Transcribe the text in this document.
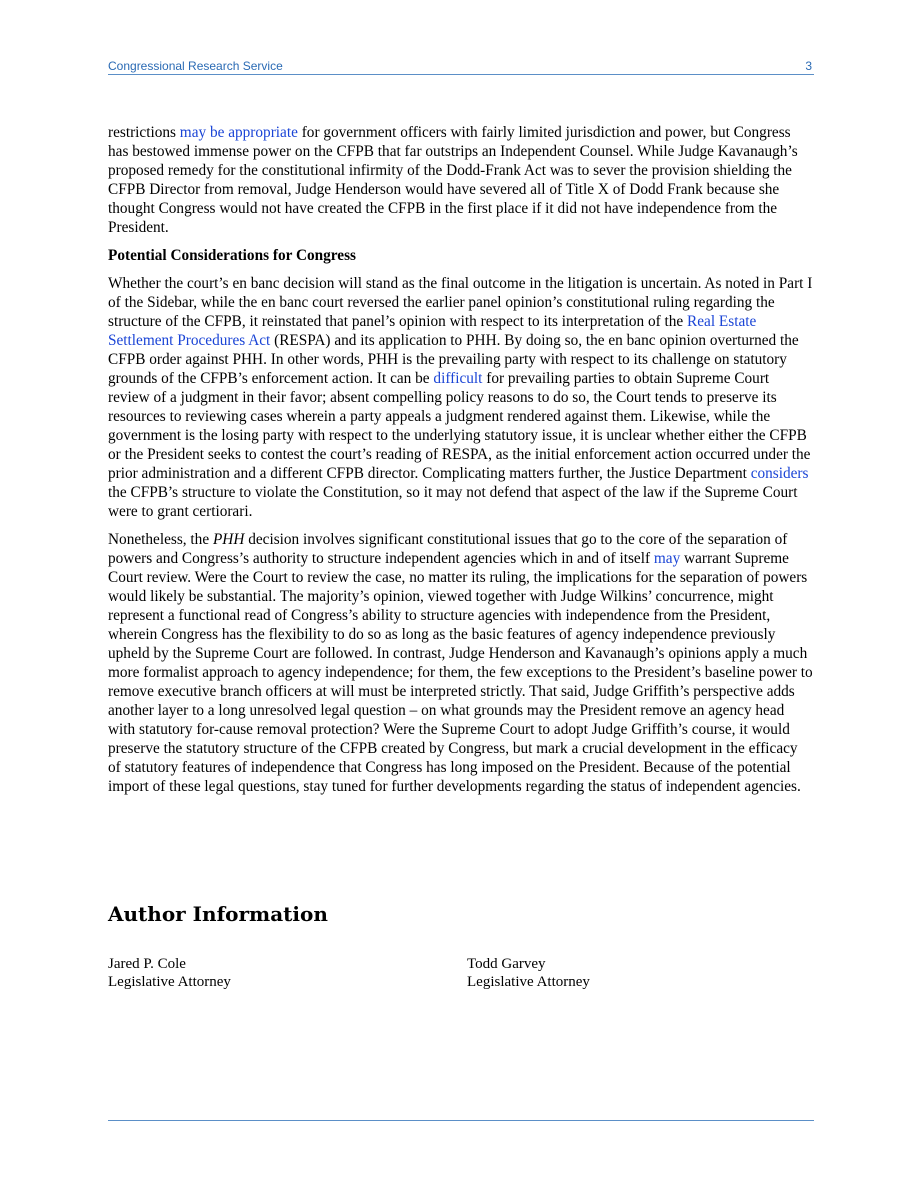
Congressional Research Service	3

restrictions may be appropriate for government officers with fairly limited jurisdiction and power, but Congress has bestowed immense power on the CFPB that far outstrips an Independent Counsel. While Judge Kavanaugh’s proposed remedy for the constitutional infirmity of the Dodd-Frank Act was to sever the provision shielding the CFPB Director from removal, Judge Henderson would have severed all of Title X of Dodd Frank because she thought Congress would not have created the CFPB in the first place if it did not have independence from the President.

Potential Considerations for Congress

Whether the court’s en banc decision will stand as the final outcome in the litigation is uncertain. As noted in Part I of the Sidebar, while the en banc court reversed the earlier panel opinion’s constitutional ruling regarding the structure of the CFPB, it reinstated that panel’s opinion with respect to its interpretation of the Real Estate Settlement Procedures Act (RESPA) and its application to PHH. By doing so, the en banc opinion overturned the CFPB order against PHH. In other words, PHH is the prevailing party with respect to its challenge on statutory grounds of the CFPB’s enforcement action. It can be difficult for prevailing parties to obtain Supreme Court review of a judgment in their favor; absent compelling policy reasons to do so, the Court tends to preserve its resources to reviewing cases wherein a party appeals a judgment rendered against them. Likewise, while the government is the losing party with respect to the underlying statutory issue, it is unclear whether either the CFPB or the President seeks to contest the court’s reading of RESPA, as the initial enforcement action occurred under the prior administration and a different CFPB director. Complicating matters further, the Justice Department considers the CFPB’s structure to violate the Constitution, so it may not defend that aspect of the law if the Supreme Court were to grant certiorari.

Nonetheless, the PHH decision involves significant constitutional issues that go to the core of the separation of powers and Congress’s authority to structure independent agencies which in and of itself may warrant Supreme Court review. Were the Court to review the case, no matter its ruling, the implications for the separation of powers would likely be substantial. The majority’s opinion, viewed together with Judge Wilkins’ concurrence, might represent a functional read of Congress’s ability to structure agencies with independence from the President, wherein Congress has the flexibility to do so as long as the basic features of agency independence previously upheld by the Supreme Court are followed. In contrast, Judge Henderson and Kavanaugh’s opinions apply a much more formalist approach to agency independence; for them, the few exceptions to the President’s baseline power to remove executive branch officers at will must be interpreted strictly. That said, Judge Griffith’s perspective adds another layer to a long unresolved legal question – on what grounds may the President remove an agency head with statutory for-cause removal protection? Were the Supreme Court to adopt Judge Griffith’s course, it would preserve the statutory structure of the CFPB created by Congress, but mark a crucial development in the efficacy of statutory features of independence that Congress has long imposed on the President. Because of the potential import of these legal questions, stay tuned for further developments regarding the status of independent agencies.

Author Information
Jared P. Cole
Legislative Attorney
Todd Garvey
Legislative Attorney
